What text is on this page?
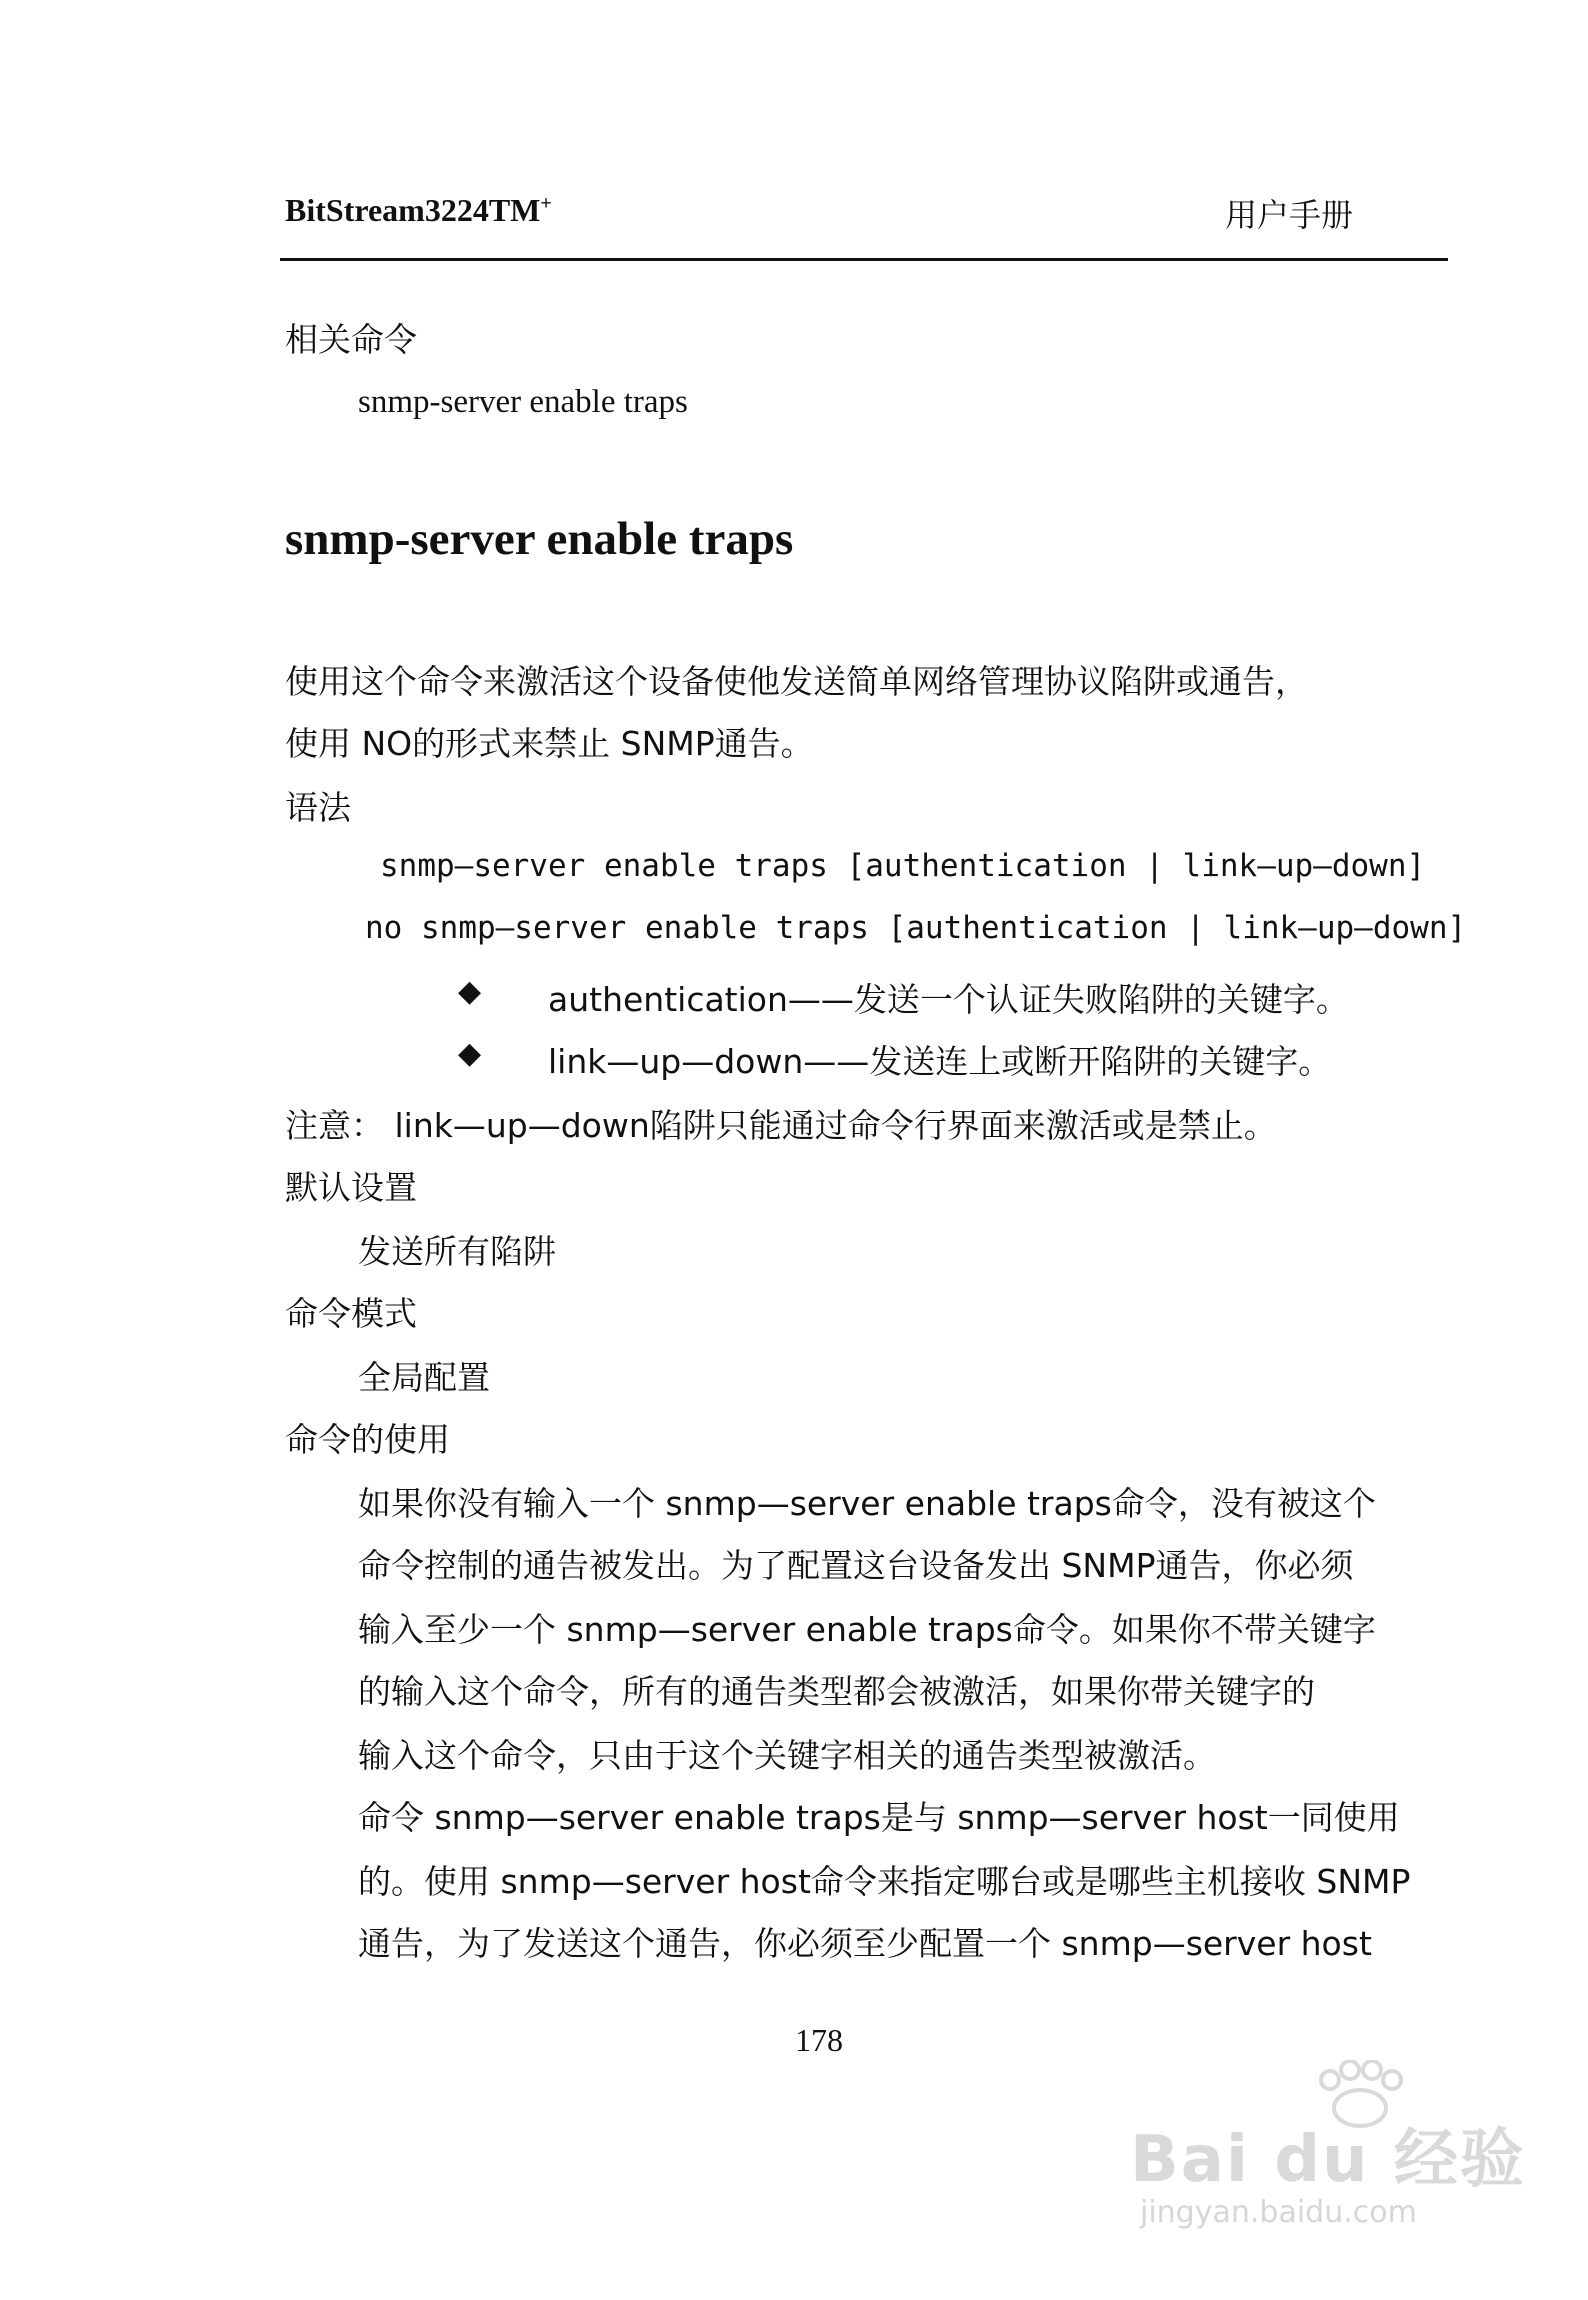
BitStream3224TM+	用户手册
相关命令
snmp-server enable traps
snmp-server enable traps
使用这个命令来激活这个设备使他发送简单网络管理协议陷阱或通告，
使用 NO的形式来禁止 SNMP通告。
语法
snmp—server enable traps [authentication | link—up—down]
no snmp—server enable traps [authentication | link—up—down]
◆ authentication——发送一个认证失败陷阱的关键字。
◆ link—up—down——发送连上或断开陷阱的关键字。
注意： link—up—down陷阱只能通过命令行界面来激活或是禁止。
默认设置
发送所有陷阱
命令模式
全局配置
命令的使用
如果你没有输入一个 snmp—server enable traps命令，没有被这个
命令控制的通告被发出。为了配置这台设备发出 SNMP通告，你必须
输入至少一个 snmp—server enable traps命令。如果你不带关键字
的输入这个命令，所有的通告类型都会被激活，如果你带关键字的
输入这个命令，只由于这个关键字相关的通告类型被激活。
命令 snmp—server enable traps是与 snmp—server host一同使用
的。使用 snmp—server host命令来指定哪台或是哪些主机接收 SNMP
通告，为了发送这个通告，你必须至少配置一个 snmp—server host
178
Bai du 经验
jingyan.baidu.com
